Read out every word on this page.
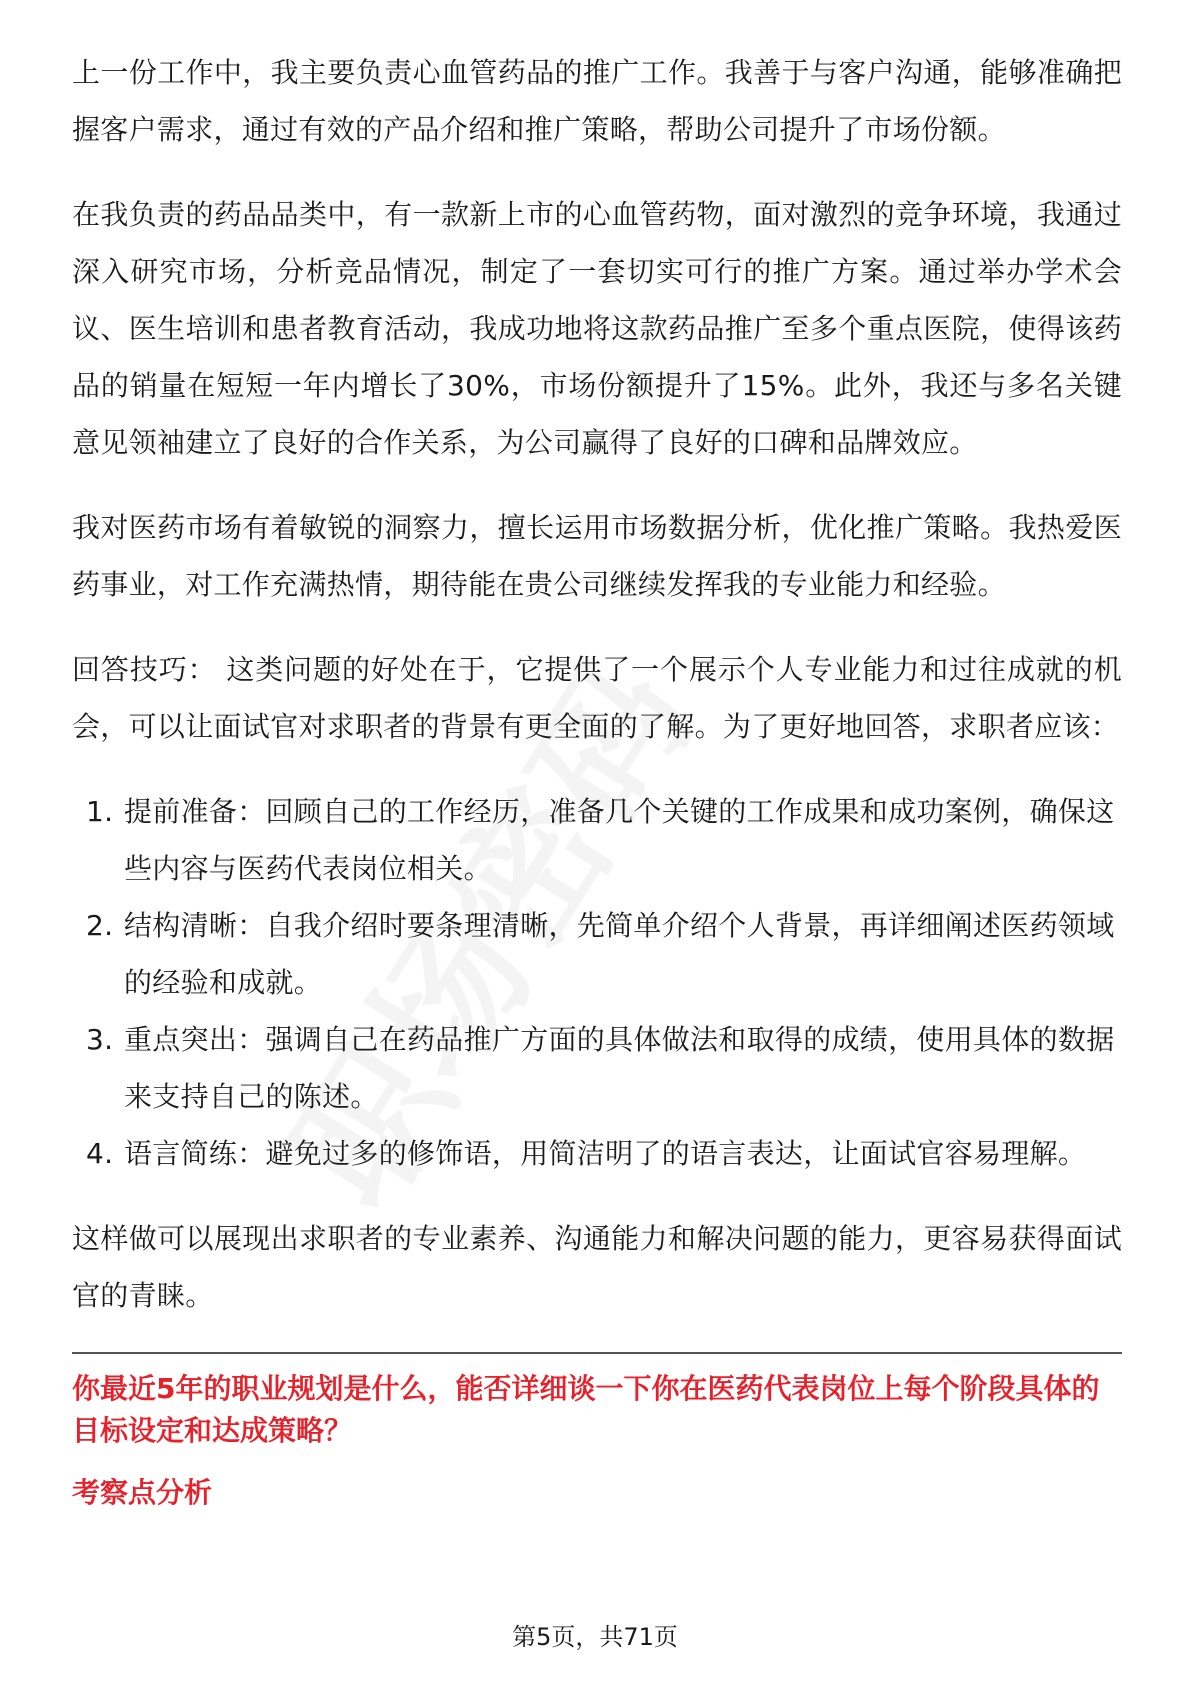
上一份工作中，我主要负责心血管药品的推广工作。我善于与客户沟通，能够准确把握客户需求，通过有效的产品介绍和推广策略，帮助公司提升了市场份额。

在我负责的药品品类中，有一款新上市的心血管药物，面对激烈的竞争环境，我通过深入研究市场，分析竞品情况，制定了一套切实可行的推广方案。通过举办学术会议、医生培训和患者教育活动，我成功地将这款药品推广至多个重点医院，使得该药品的销量在短短一年内增长了30%，市场份额提升了15%。此外，我还与多名关键意见领袖建立了良好的合作关系，为公司赢得了良好的口碑和品牌效应。

我对医药市场有着敏锐的洞察力，擅长运用市场数据分析，优化推广策略。我热爱医药事业，对工作充满热情，期待能在贵公司继续发挥我的专业能力和经验。

回答技巧： 这类问题的好处在于，它提供了一个展示个人专业能力和过往成就的机会，可以让面试官对求职者的背景有更全面的了解。为了更好地回答，求职者应该：

1. 提前准备：回顾自己的工作经历，准备几个关键的工作成果和成功案例，确保这些内容与医药代表岗位相关。
2. 结构清晰：自我介绍时要条理清晰，先简单介绍个人背景，再详细阐述医药领域的经验和成就。
3. 重点突出：强调自己在药品推广方面的具体做法和取得的成绩，使用具体的数据来支持自己的陈述。
4. 语言简练：避免过多的修饰语，用简洁明了的语言表达，让面试官容易理解。

这样做可以展现出求职者的专业素养、沟通能力和解决问题的能力，更容易获得面试官的青睐。

你最近5年的职业规划是什么，能否详细谈一下你在医药代表岗位上每个阶段具体的目标设定和达成策略？
考察点分析
第5页，共71页
